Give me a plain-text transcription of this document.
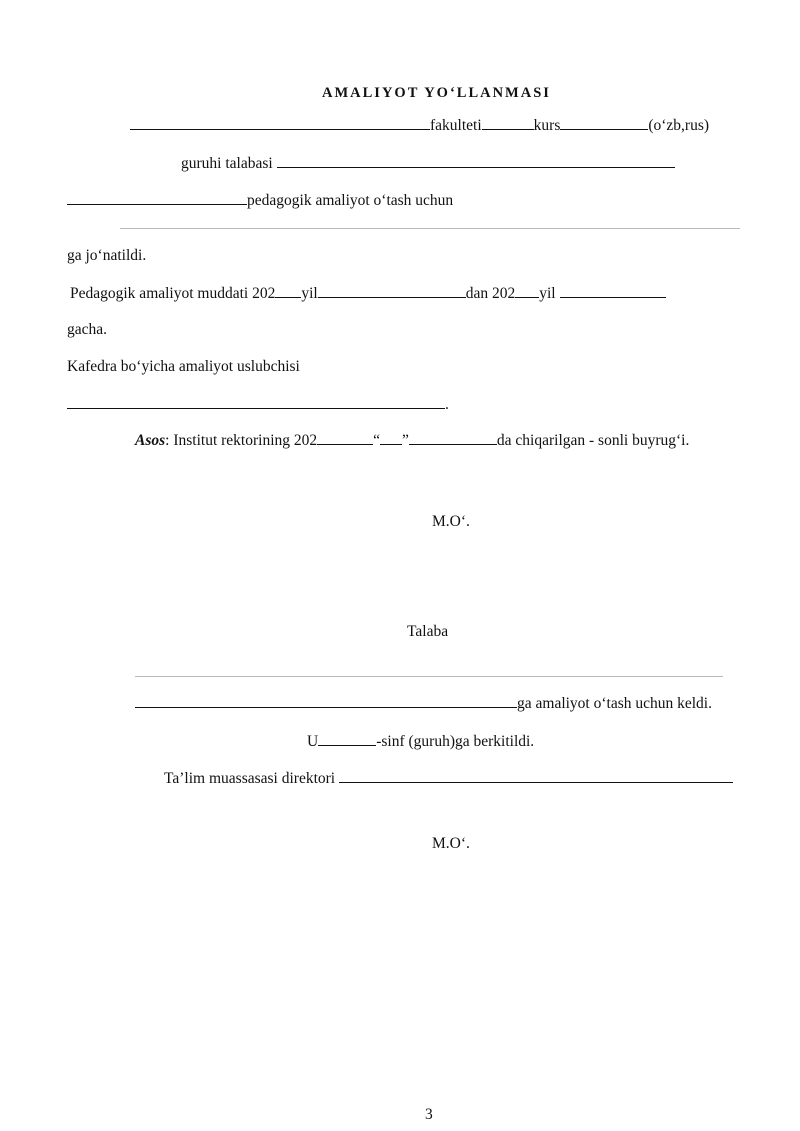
AMALIYOT YO‘LLANMASI
fakulteti	kurs	(o‘zb,rus)
guruhi talabasi
pedagogik amaliyot o‘tash uchun
ga jo‘natildi.
Pedagogik amaliyot muddati 202 yil	dan 202 yil
gacha.
Kafedra bo‘yicha amaliyot uslubchisi
.
Asos: Institut rektorining 202	“ ”	da chiqarilgan - sonli buyrug‘i.
M.O‘.
Talaba
ga amaliyot o‘tash uchun keldi.
U	-sinf (guruh)ga berkitildi.
Ta’lim muassasasi direktori
M.O‘.
3
